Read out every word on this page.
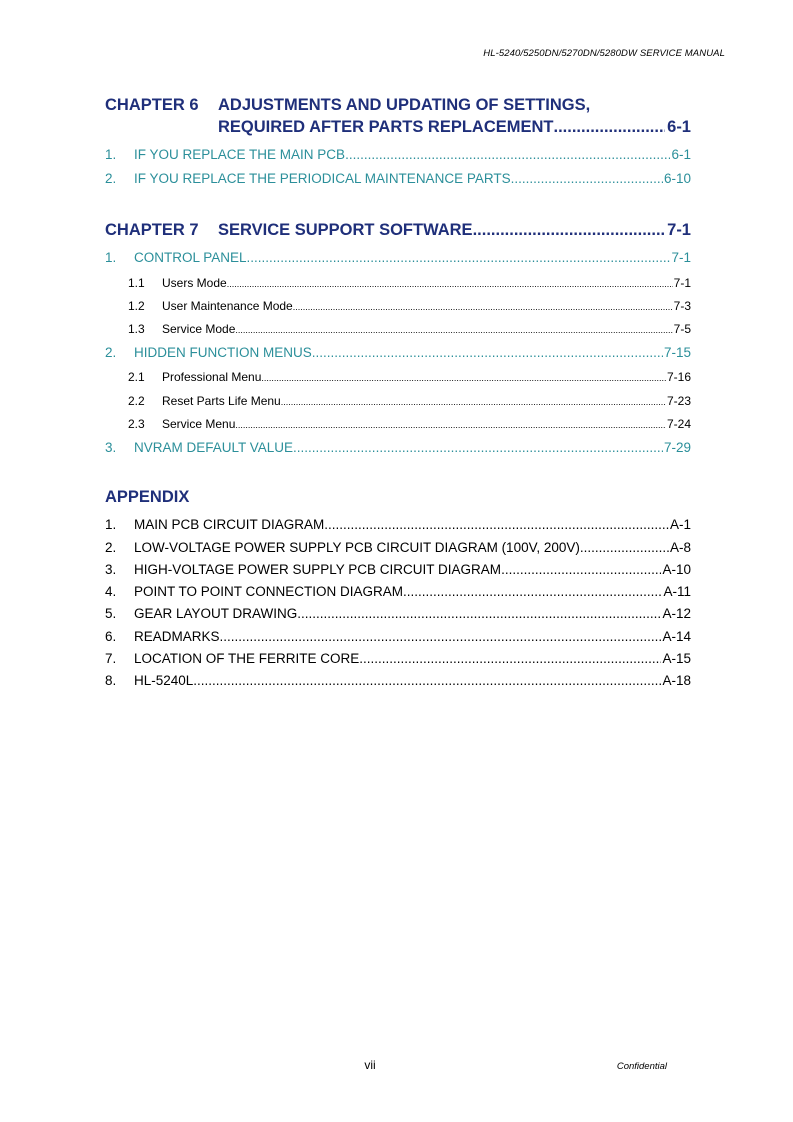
HL-5240/5250DN/5270DN/5280DW SERVICE MANUAL
CHAPTER 6 ADJUSTMENTS AND UPDATING OF SETTINGS,
REQUIRED AFTER PARTS REPLACEMENT .....	6-1
1.	IF YOU REPLACE THE MAIN PCB .....	6-1
2.	IF YOU REPLACE THE PERIODICAL MAINTENANCE PARTS .....	6-10
CHAPTER 7	SERVICE SUPPORT SOFTWARE .....	7-1
1.	CONTROL PANEL .....	7-1
1.1	Users Mode .....	7-1
1.2	User Maintenance Mode .....	7-3
1.3	Service Mode .....	7-5
2.	HIDDEN FUNCTION MENUS .....	7-15
2.1	Professional Menu .....	7-16
2.2	Reset Parts Life Menu .....	7-23
2.3	Service Menu .....	7-24
3.	NVRAM DEFAULT VALUE .....	7-29
APPENDIX
1.	MAIN PCB CIRCUIT DIAGRAM .....	A-1
2.	LOW-VOLTAGE POWER SUPPLY PCB CIRCUIT DIAGRAM (100V, 200V) .....	A-8
3.	HIGH-VOLTAGE POWER SUPPLY PCB CIRCUIT DIAGRAM .....	A-10
4.	POINT TO POINT CONNECTION DIAGRAM .....	A-11
5.	GEAR LAYOUT DRAWING .....	A-12
6.	READMARKS .....	A-14
7.	LOCATION OF THE FERRITE CORE .....	A-15
8.	HL-5240L .....	A-18
vii	Confidential
